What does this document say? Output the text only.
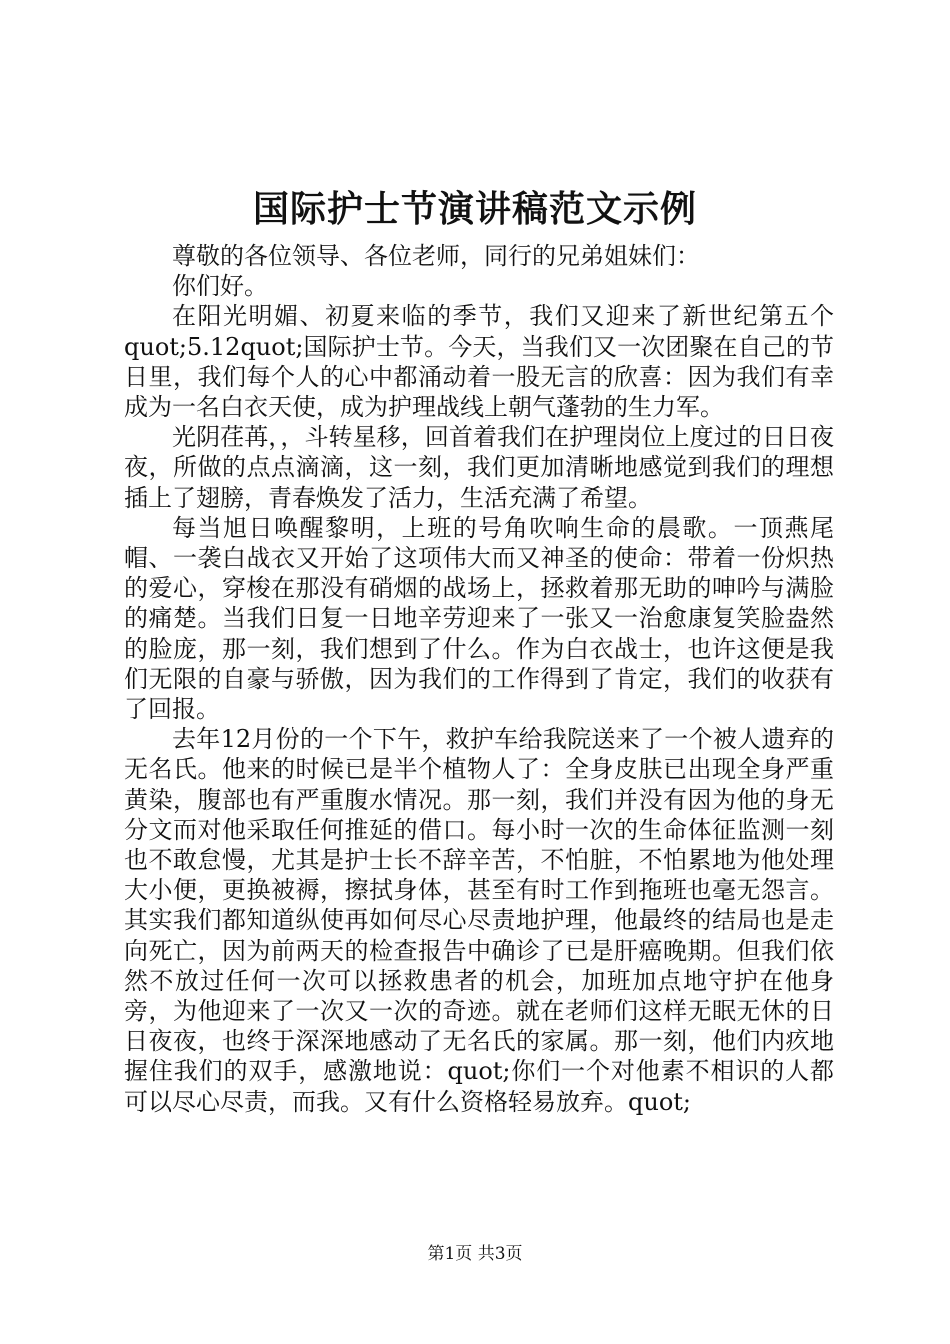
国际护士节演讲稿范文示例

尊敬的各位领导、各位老师，同行的兄弟姐妹们：

你们好。

在阳光明媚、初夏来临的季节，我们又迎来了新世纪第五个quot;5.12quot;国际护士节。今天，当我们又一次团聚在自己的节日里，我们每个人的心中都涌动着一股无言的欣喜：因为我们有幸成为一名白衣天使，成为护理战线上朝气蓬勃的生力军。

光阴荏苒，，斗转星移，回首着我们在护理岗位上度过的日日夜夜，所做的点点滴滴，这一刻，我们更加清晰地感觉到我们的理想插上了翅膀，青春焕发了活力，生活充满了希望。

每当旭日唤醒黎明，上班的号角吹响生命的晨歌。一顶燕尾帽、一袭白战衣又开始了这项伟大而又神圣的使命：带着一份炽热的爱心，穿梭在那没有硝烟的战场上，拯救着那无助的呻吟与满脸的痛楚。当我们日复一日地辛劳迎来了一张又一治愈康复笑脸盎然的脸庞，那一刻，我们想到了什么。作为白衣战士，也许这便是我们无限的自豪与骄傲，因为我们的工作得到了肯定，我们的收获有了回报。

去年12月份的一个下午，救护车给我院送来了一个被人遗弃的无名氏。他来的时候已是半个植物人了：全身皮肤已出现全身严重黄染，腹部也有严重腹水情况。那一刻，我们并没有因为他的身无分文而对他采取任何推延的借口。每小时一次的生命体征监测一刻也不敢怠慢，尤其是护士长不辞辛苦，不怕脏，不怕累地为他处理大小便，更换被褥，擦拭身体，甚至有时工作到拖班也毫无怨言。其实我们都知道纵使再如何尽心尽责地护理，他最终的结局也是走向死亡，因为前两天的检查报告中确诊了已是肝癌晚期。但我们依然不放过任何一次可以拯救患者的机会，加班加点地守护在他身旁，为他迎来了一次又一次的奇迹。就在老师们这样无眠无休的日日夜夜，也终于深深地感动了无名氏的家属。那一刻，他们内疚地握住我们的双手，感激地说：quot;你们一个对他素不相识的人都可以尽心尽责，而我。又有什么资格轻易放弃。quot;

第1页 共3页
